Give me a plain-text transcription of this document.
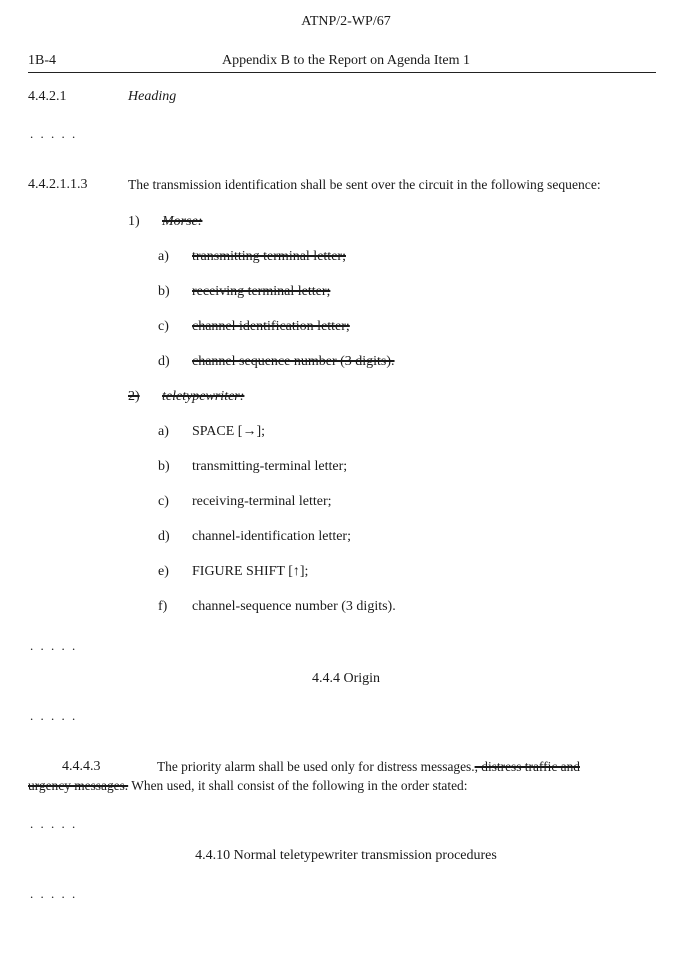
ATNP/2-WP/67
1B-4	Appendix B to the Report on Agenda Item 1
4.4.2.1	Heading
. . . . .
4.4.2.1.1.3	The transmission identification shall be sent over the circuit in the following sequence:
1) Morse:
a) transmitting terminal letter;
b) receiving terminal letter;
c) channel identification letter;
d) channel sequence number (3 digits).
2) teletypewriter:
a) SPACE [→];
b) transmitting-terminal letter;
c) receiving-terminal letter;
d) channel-identification letter;
e) FIGURE SHIFT [↑];
f) channel-sequence number (3 digits).
. . . . .
4.4.4 Origin
. . . . .
4.4.4.3	The priority alarm shall be used only for distress messages., distress traffic and
urgency messages. When used, it shall consist of the following in the order stated:
. . . . .
4.4.10 Normal teletypewriter transmission procedures
. . . . .
